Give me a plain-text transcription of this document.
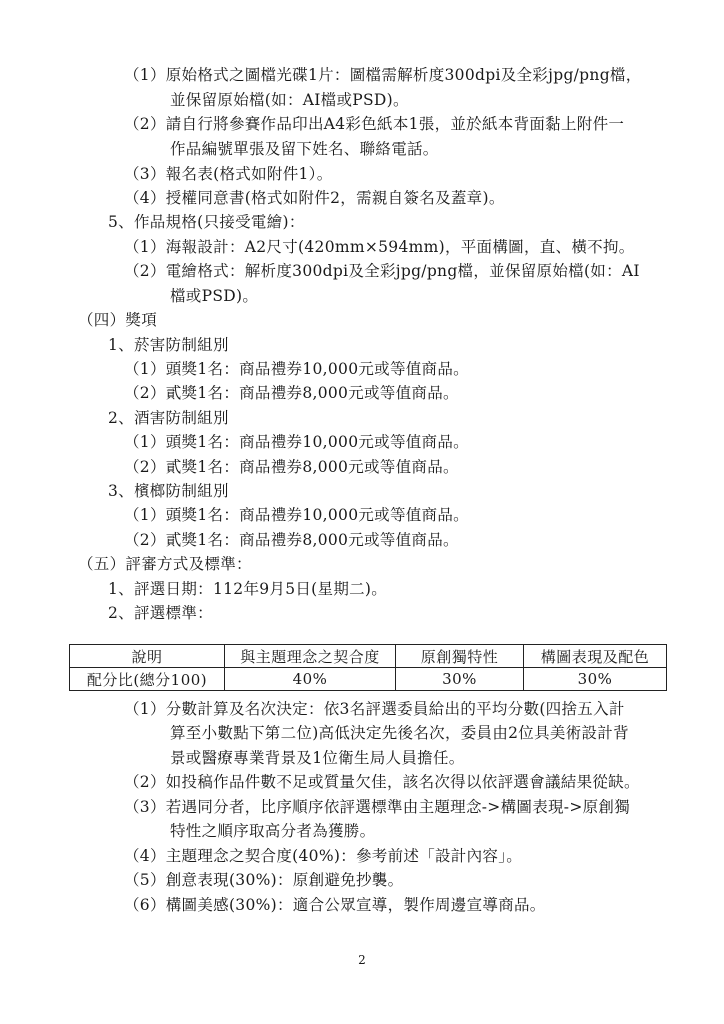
（1）原始格式之圖檔光碟1片：圖檔需解析度300dpi及全彩jpg/png檔，

並保留原始檔(如：AI檔或PSD)。

（2）請自行將參賽作品印出A4彩色紙本1張，並於紙本背面黏上附件一

作品編號單張及留下姓名、聯絡電話。

（3）報名表(格式如附件1）。

（4）授權同意書(格式如附件2，需親自簽名及蓋章)。

5、作品規格(只接受電繪)：

（1）海報設計：A2尺寸(420mm×594mm)，平面構圖，直、橫不拘。

（2）電繪格式：解析度300dpi及全彩jpg/png檔，並保留原始檔(如：AI

檔或PSD)。

（四）獎項

1、菸害防制組別

（1）頭獎1名：商品禮券10,000元或等值商品。

（2）貳獎1名：商品禮券8,000元或等值商品。

2、酒害防制組別

（1）頭獎1名：商品禮券10,000元或等值商品。

（2）貳獎1名：商品禮券8,000元或等值商品。

3、檳榔防制組別

（1）頭獎1名：商品禮券10,000元或等值商品。

（2）貳獎1名：商品禮券8,000元或等值商品。

（五）評審方式及標準：

1、評選日期：112年9月5日(星期二)。

2、評選標準：

說明	與主題理念之契合度	原創獨特性	構圖表現及配色
配分比(總分100)	40%	30%	30%

（1）分數計算及名次決定：依3名評選委員給出的平均分數(四捨五入計

算至小數點下第二位)高低決定先後名次，委員由2位具美術設計背

景或醫療專業背景及1位衛生局人員擔任。

（2）如投稿作品件數不足或質量欠佳，該名次得以依評選會議結果從缺。

（3）若遇同分者，比序順序依評選標準由主題理念->構圖表現->原創獨

特性之順序取高分者為獲勝。

（4）主題理念之契合度(40%)：參考前述「設計內容」。

（5）創意表現(30%)：原創避免抄襲。

（6）構圖美感(30%)：適合公眾宣導，製作周邊宣導商品。

2
